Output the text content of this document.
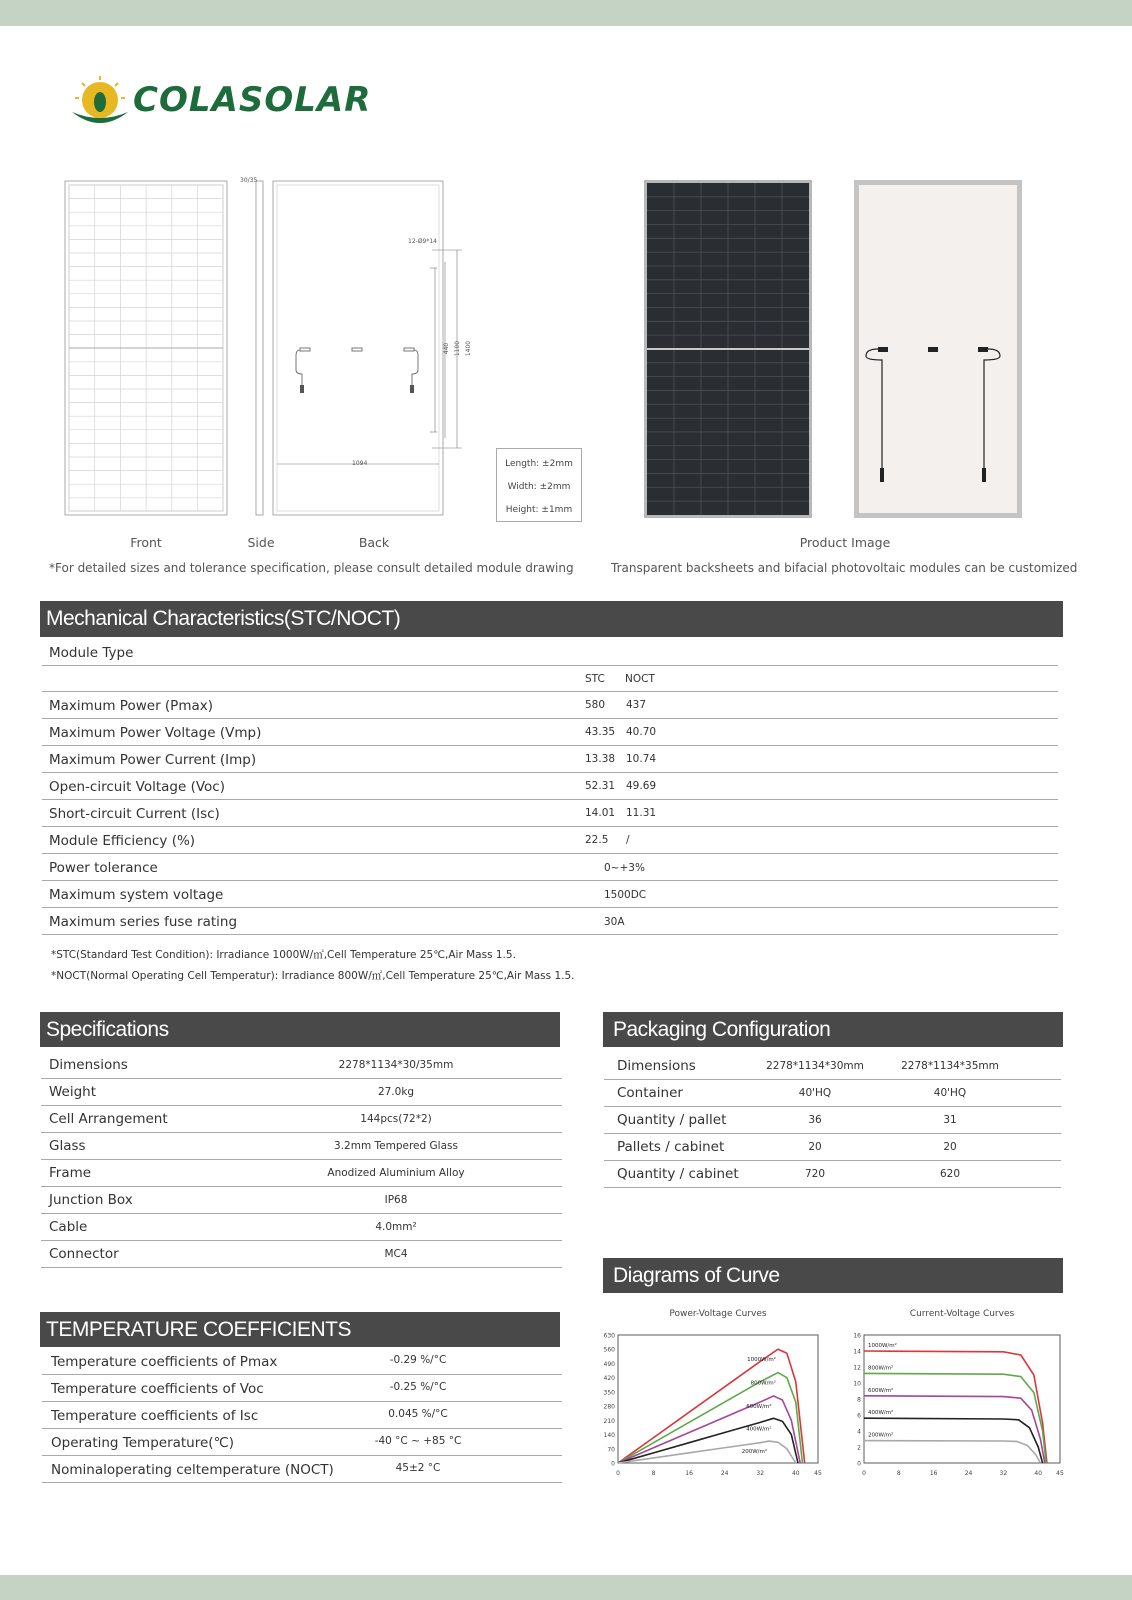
COLASOLAR
30/35
12-Ø9*14
1094
440 1100 1400
Length: ±2mm
Width: ±2mm
Height: ±1mm
Front	Side	Back	Product Image
*For detailed sizes and tolerance specification, please consult detailed module drawing	Transparent backsheets and bifacial photovoltaic modules can be customized
Mechanical Characteristics(STC/NOCT)
Module Type
STC NOCT
Maximum Power (Pmax)	580 437
Maximum Power Voltage (Vmp)	43.35 40.70
Maximum Power Current (Imp)	13.38 10.74
Open-circuit Voltage (Voc)	52.31 49.69
Short-circuit Current (Isc)	14.01 11.31
Module Efficiency (%)	22.5 /
Power tolerance	0~+3%
Maximum system voltage	1500DC
Maximum series fuse rating	30A
*STC(Standard Test Condition): Irradiance 1000W/㎡,Cell Temperature 25℃,Air Mass 1.5.
*NOCT(Normal Operating Cell Temperatur): Irradiance 800W/㎡,Cell Temperature 25℃,Air Mass 1.5.
Specifications
Dimensions	2278*1134*30/35mm
Weight	27.0kg
Cell Arrangement	144pcs(72*2)
Glass	3.2mm Tempered Glass
Frame	Anodized Aluminium Alloy
Junction Box	IP68
Cable	4.0mm²
Connector	MC4
Packaging Configuration
Dimensions	2278*1134*30mm	2278*1134*35mm
Container	40'HQ	40'HQ
Quantity / pallet	36	31
Pallets / cabinet	20	20
Quantity / cabinet	720	620
TEMPERATURE COEFFICIENTS
Temperature coefficients of Pmax	-0.29 %/°C
Temperature coefficients of Voc	-0.25 %/°C
Temperature coefficients of Isc	0.045 %/°C
Operating Temperature(℃)	-40 °C ~ +85 °C
Nominaloperating celtemperature (NOCT)	45±2 °C
Diagrams of Curve
Power-Voltage Curves
0
70
140
210
280
350
420
490
560
630
0	8	16	24	32	40 45
1000W/m²
800W/m²
600W/m²
400W/m²
200W/m²
Current-Voltage Curves
0
2
4
6
8
10
12
14
16
0	8	16	24	32	40 45
1000W/m²
800W/m²
600W/m²
400W/m²
200W/m²
